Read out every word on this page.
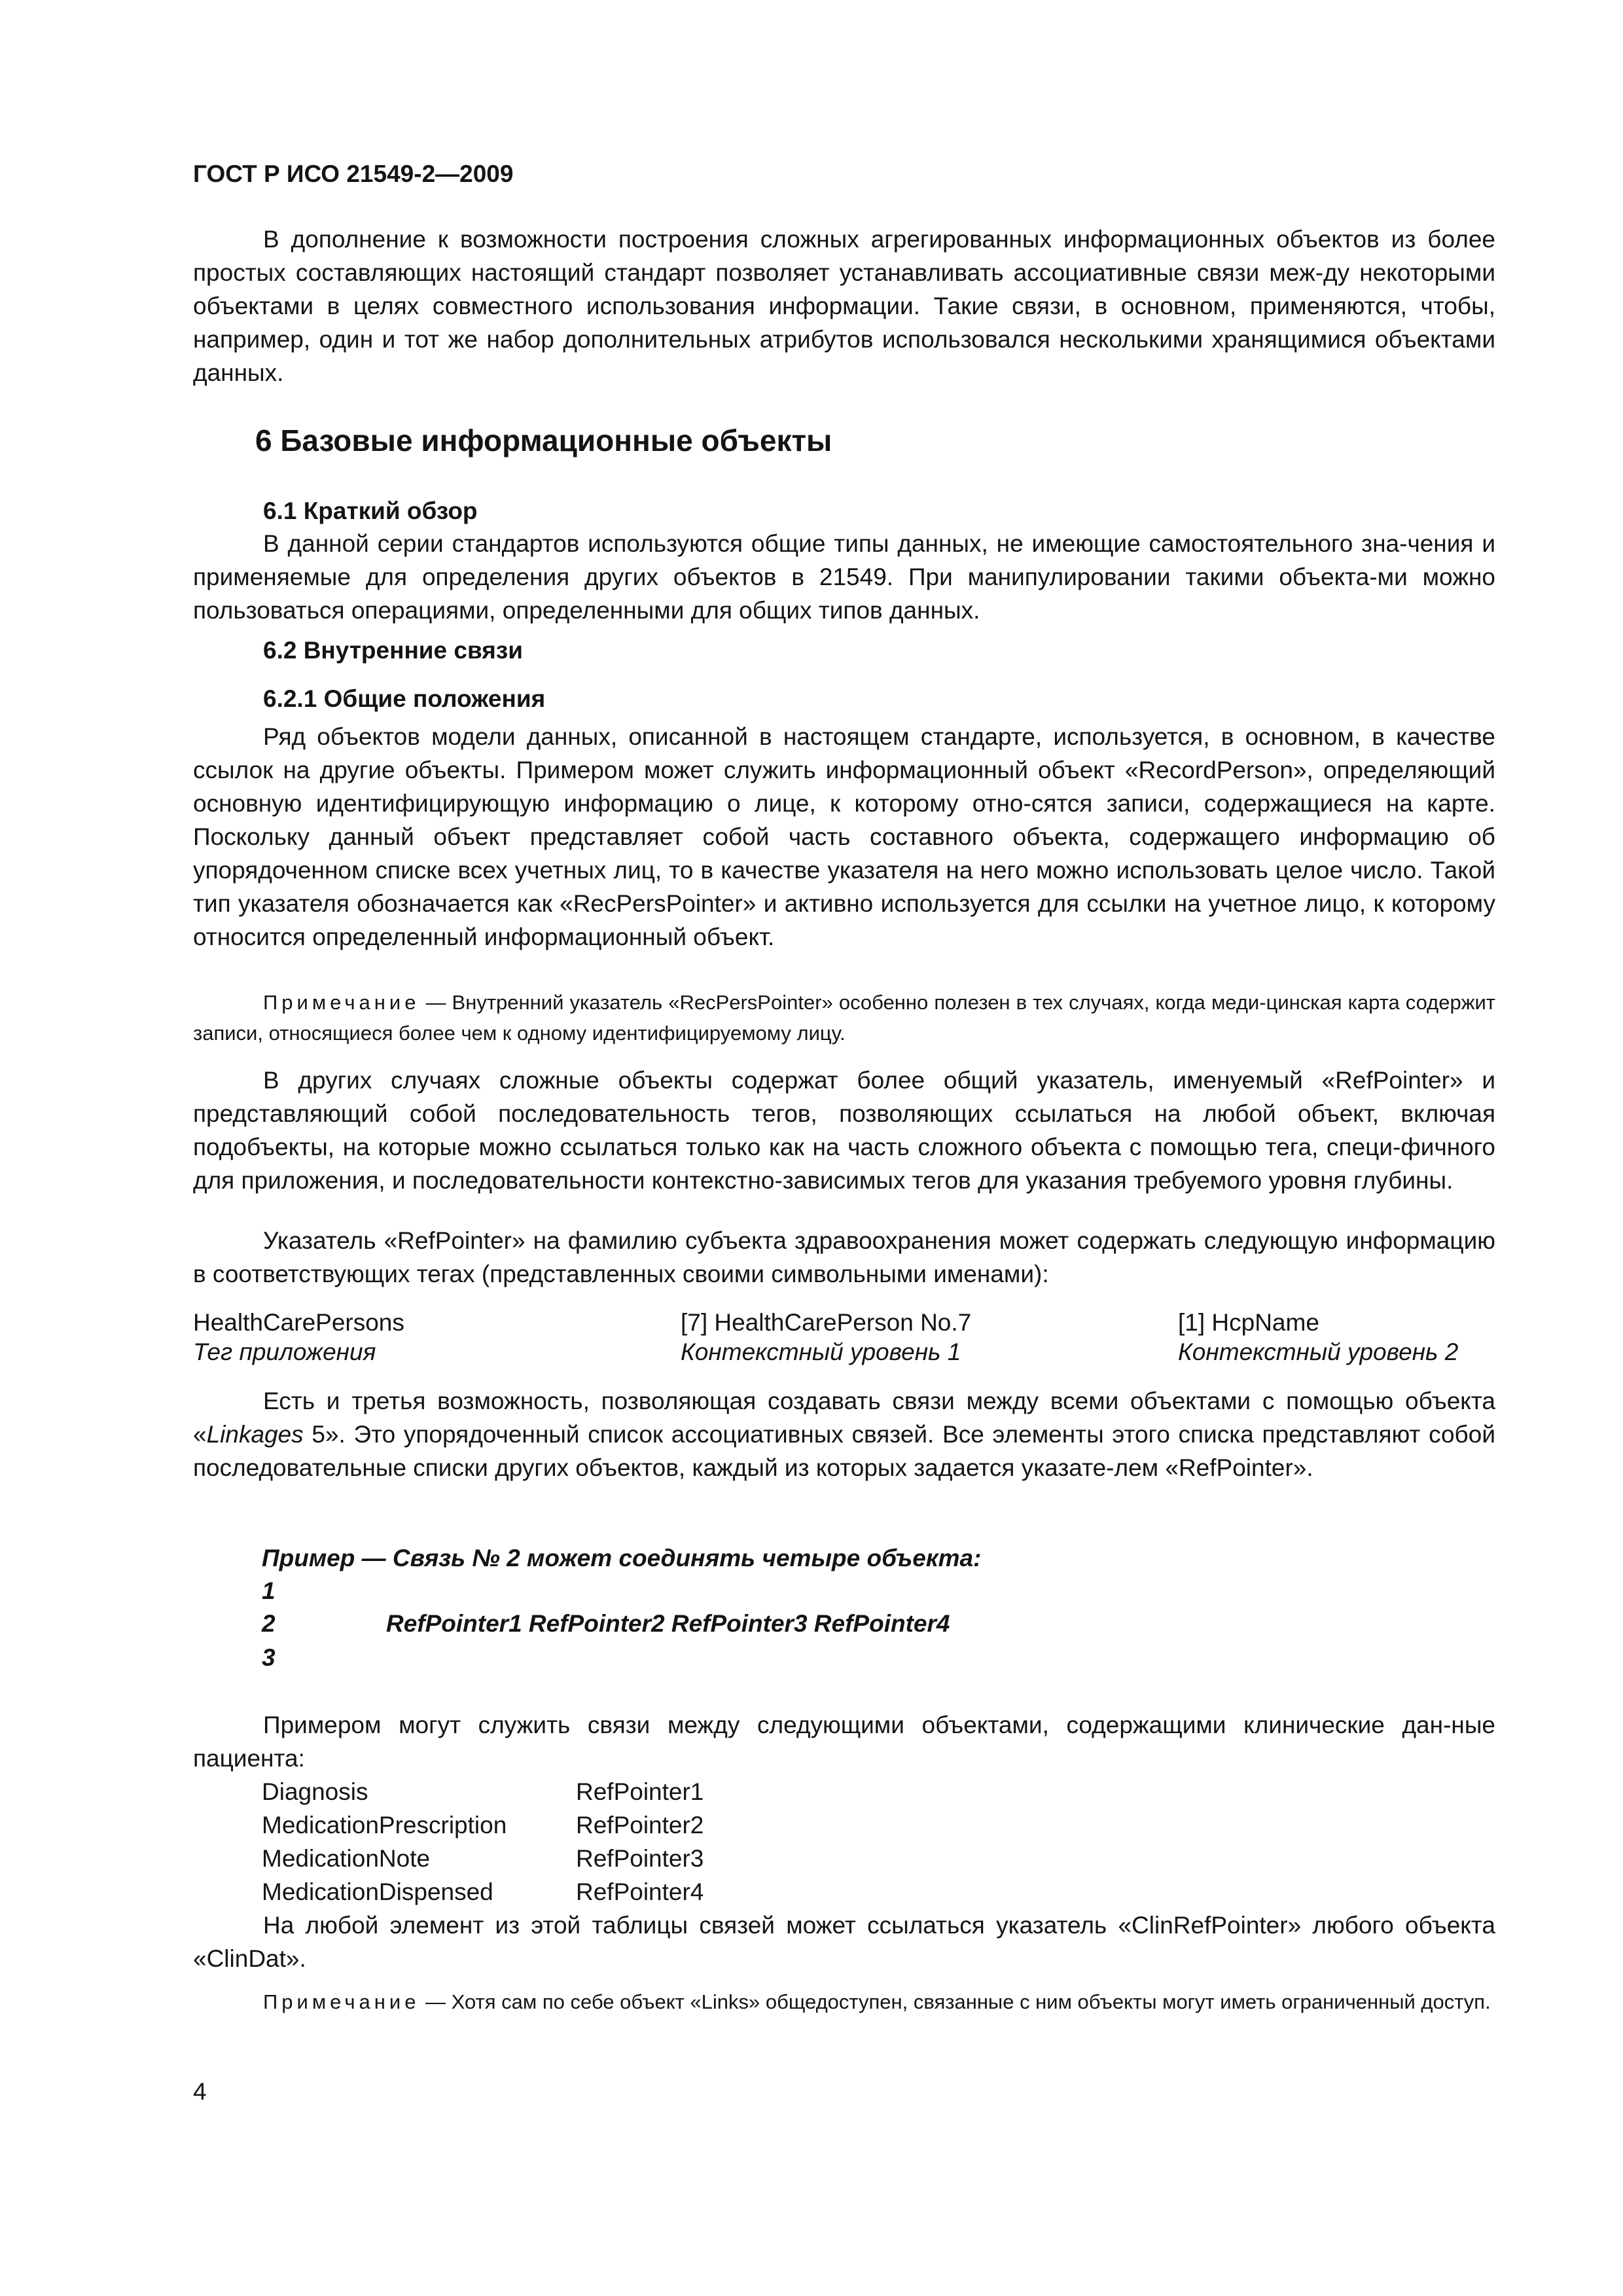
ГОСТ Р ИСО 21549-2—2009
В дополнение к возможности построения сложных агрегированных информационных объектов из более простых составляющих настоящий стандарт позволяет устанавливать ассоциативные связи меж-ду некоторыми объектами в целях совместного использования информации. Такие связи, в основном, применяются, чтобы, например, один и тот же набор дополнительных атрибутов использовался несколькими хранящимися объектами данных.
6 Базовые информационные объекты
6.1 Краткий обзор
В данной серии стандартов используются общие типы данных, не имеющие самостоятельного зна-чения и применяемые для определения других объектов в 21549. При манипулировании такими объекта-ми можно пользоваться операциями, определенными для общих типов данных.
6.2 Внутренние связи
6.2.1 Общие положения
Ряд объектов модели данных, описанной в настоящем стандарте, используется, в основном, в качестве ссылок на другие объекты. Примером может служить информационный объект «RecordPerson», определяющий основную идентифицирующую информацию о лице, к которому отно-сятся записи, содержащиеся на карте. Поскольку данный объект представляет собой часть составного объекта, содержащего информацию об упорядоченном списке всех учетных лиц, то в качестве указателя на него можно использовать целое число. Такой тип указателя обозначается как «RecPersPointer» и активно используется для ссылки на учетное лицо, к которому относится определенный информационный объект.
Примечание — Внутренний указатель «RecPersPointer» особенно полезен в тех случаях, когда меди-цинская карта содержит записи, относящиеся более чем к одному идентифицируемому лицу.
В других случаях сложные объекты содержат более общий указатель, именуемый «RefPointer» и представляющий собой последовательность тегов, позволяющих ссылаться на любой объект, включая подобъекты, на которые можно ссылаться только как на часть сложного объекта с помощью тега, специ-фичного для приложения, и последовательности контекстно-зависимых тегов для указания требуемого уровня глубины.
Указатель «RefPointer» на фамилию субъекта здравоохранения может содержать следующую информацию в соответствующих тегах (представленных своими символьными именами):
HealthCarePersons	[7] HealthCarePerson No.7	[1] HcpName
Тег приложения	Контекстный уровень 1	Контекстный уровень 2
Есть и третья возможность, позволяющая создавать связи между всеми объектами с помощью объекта «Linkages 5». Это упорядоченный список ассоциативных связей. Все элементы этого списка представляют собой последовательные списки других объектов, каждый из которых задается указате-лем «RefPointer».
Пример — Связь № 2 может соединять четыре объекта:
1
2	RefPointer1 RefPointer2 RefPointer3 RefPointer4
3
Примером могут служить связи между следующими объектами, содержащими клинические дан-ные пациента:
Diagnosis	RefPointer1
MedicationPrescription	RefPointer2
MedicationNote	RefPointer3
MedicationDispensed	RefPointer4
На любой элемент из этой таблицы связей может ссылаться указатель «ClinRefPointer» любого объекта «ClinDat».
Примечание — Хотя сам по себе объект «Links» общедоступен, связанные с ним объекты могут иметь ограниченный доступ.
4
